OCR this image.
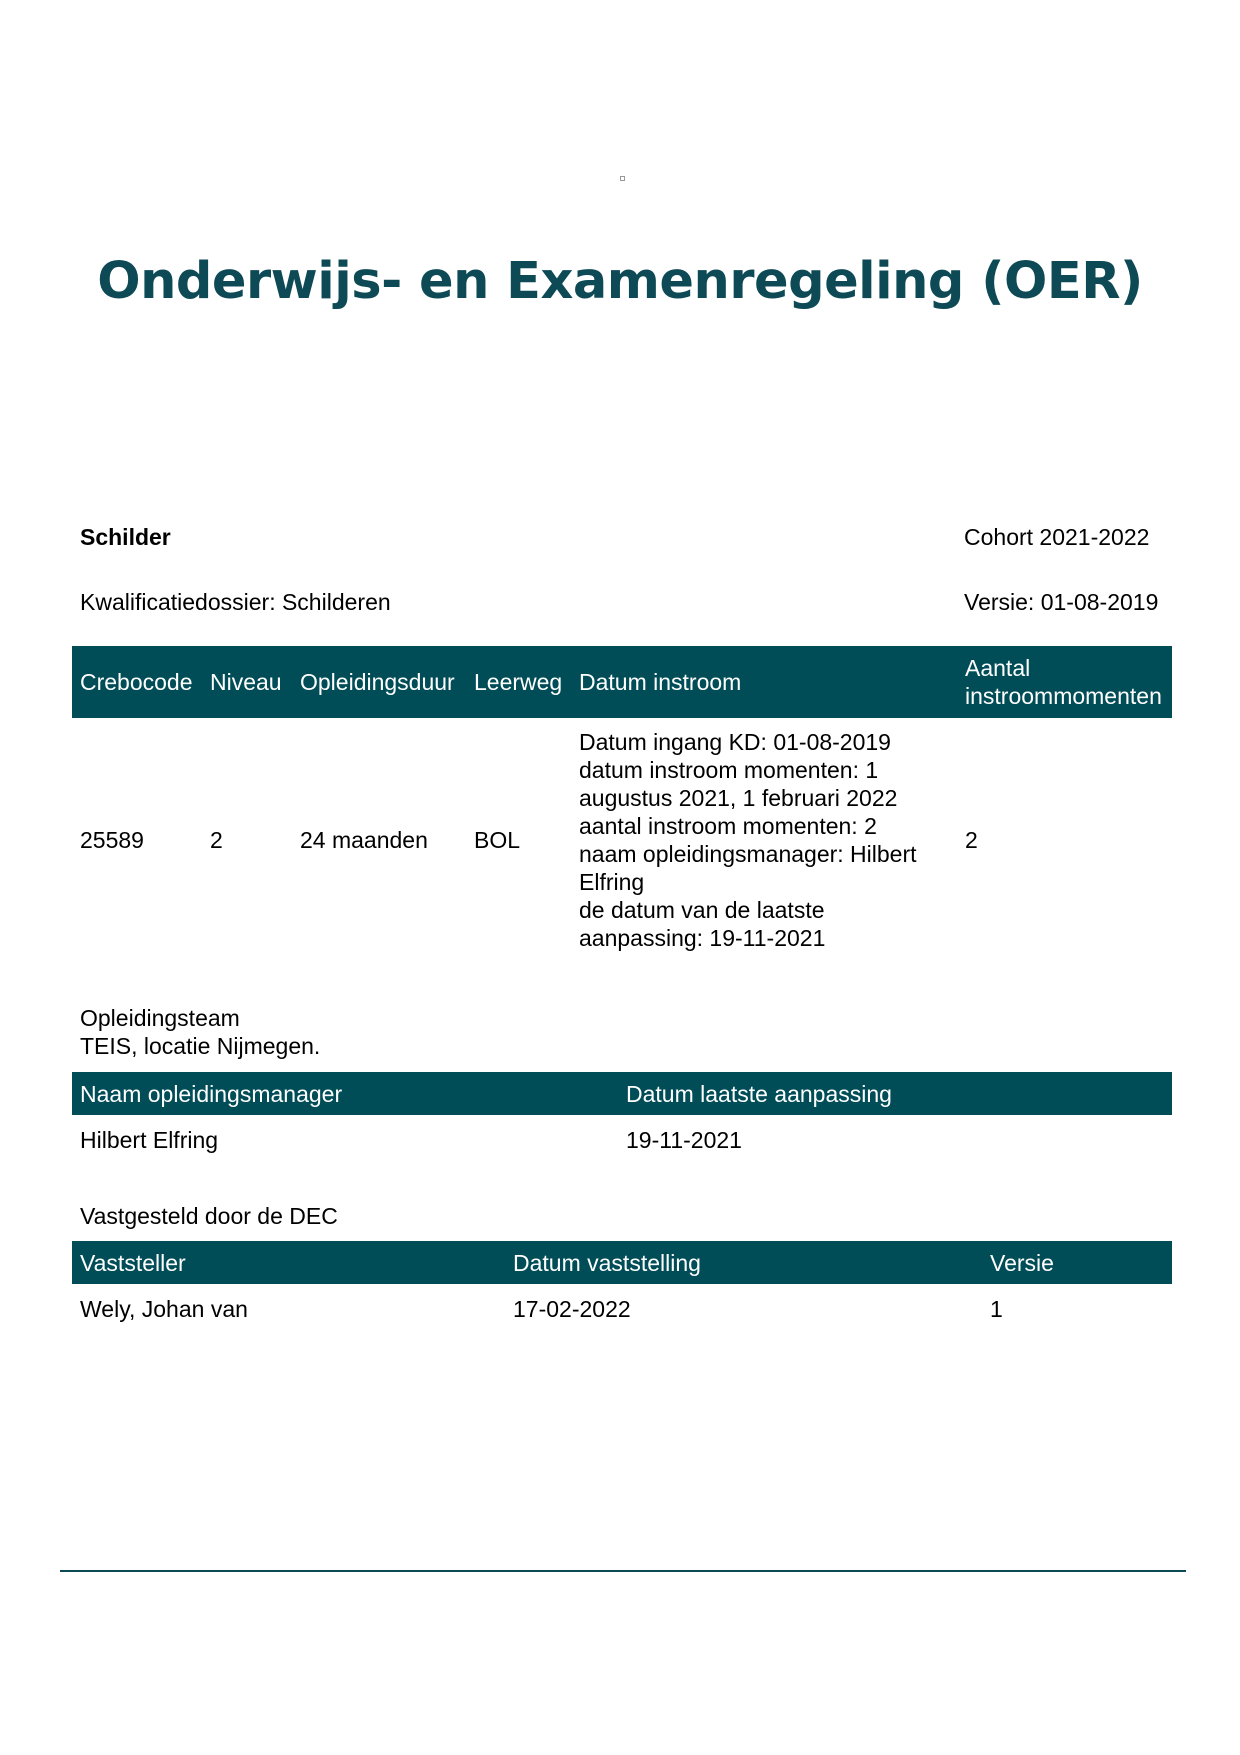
Onderwijs- en Examenregeling (OER)
Schilder	Cohort 2021-2022
Kwalificatiedossier: Schilderen	Versie: 01-08-2019
Crebocode	Niveau	Opleidingsduur	Leerweg	Datum instroom	Aantal instroommomenten
25589	2	24 maanden	BOL	Datum ingang KD: 01-08-2019
datum instroom momenten: 1 augustus 2021, 1 februari 2022
aantal instroom momenten: 2
naam opleidingsmanager: Hilbert Elfring
de datum van de laatste aanpassing: 19-11-2021	2
Opleidingsteam
TEIS, locatie Nijmegen.
Naam opleidingsmanager	Datum laatste aanpassing
Hilbert Elfring	19-11-2021
Vastgesteld door de DEC
Vaststeller	Datum vaststelling	Versie
Wely, Johan van	17-02-2022	1
